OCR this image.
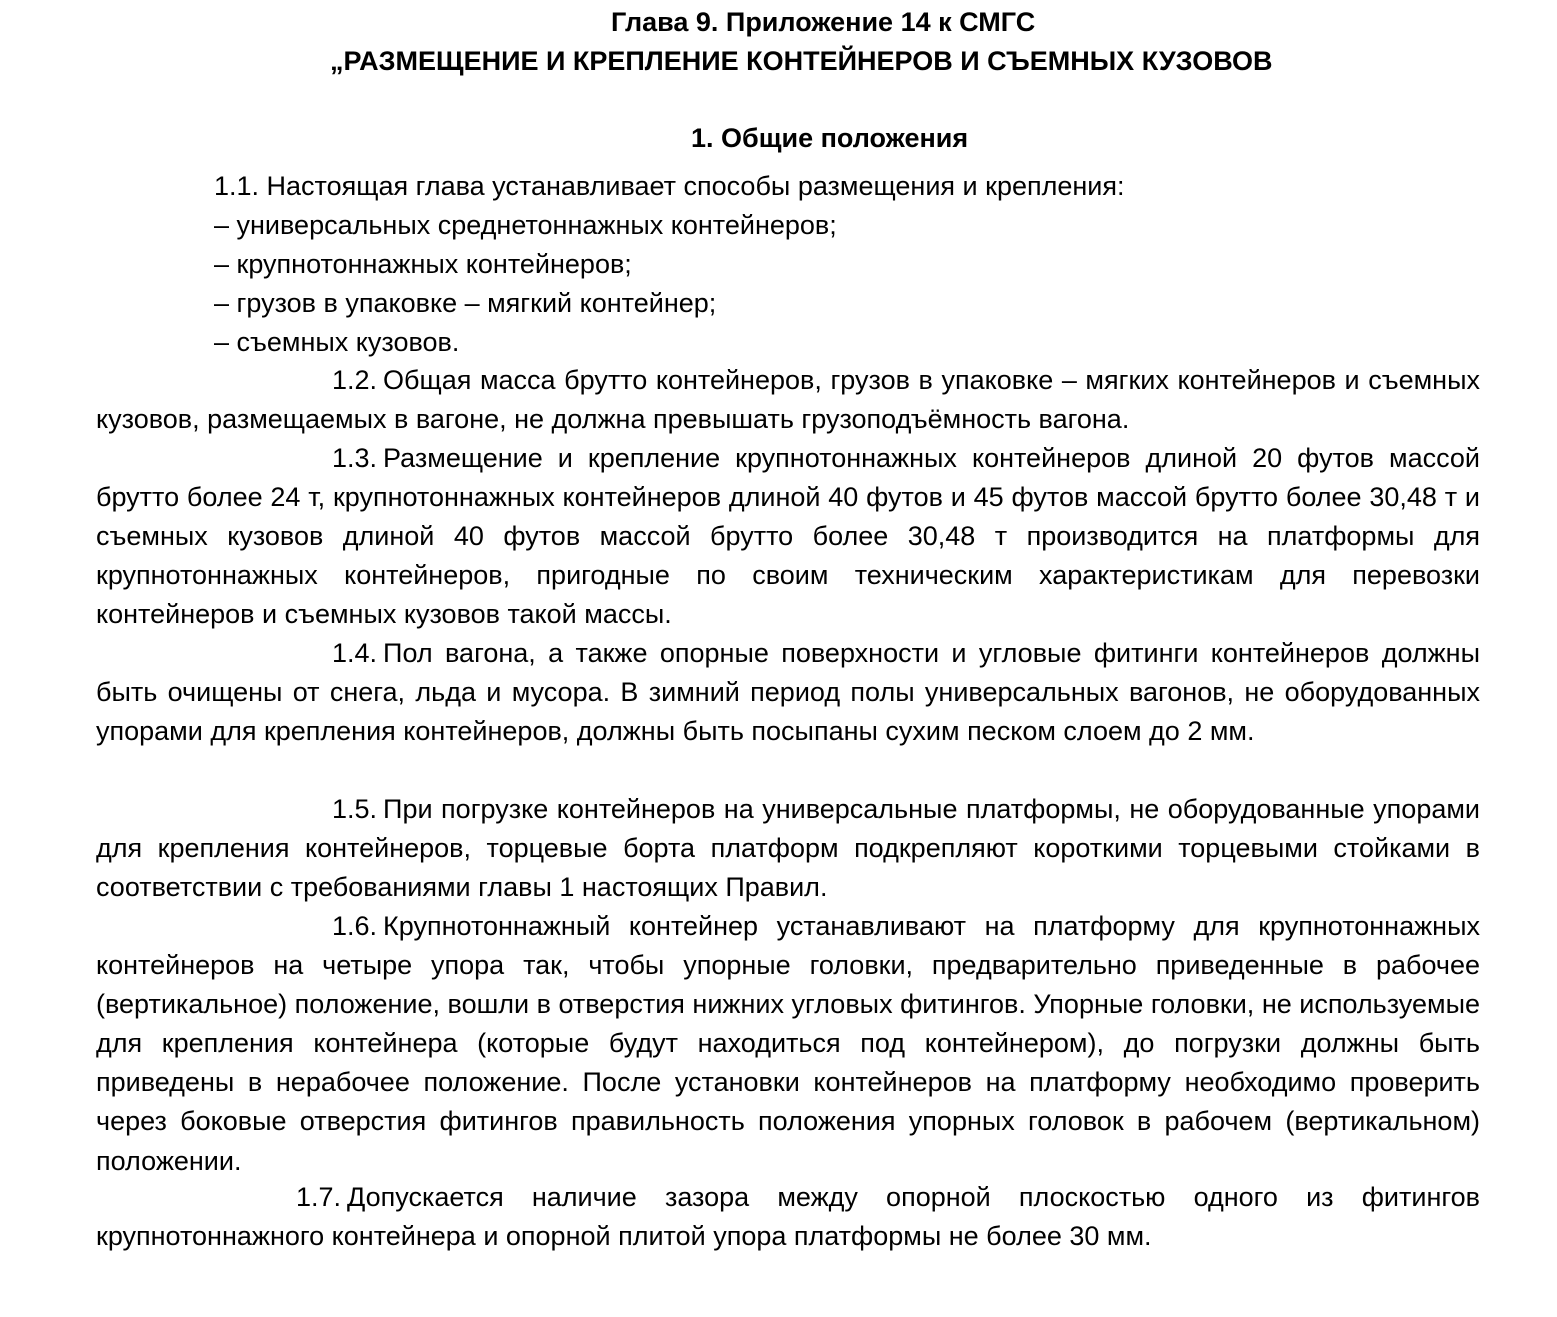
Глава 9. Приложение 14 к СМГС
„РАЗМЕЩЕНИЕ И КРЕПЛЕНИЕ КОНТЕЙНЕРОВ И СЪЕМНЫХ КУЗОВОВ
1. Общие положения
1.1. Настоящая глава устанавливает способы размещения и крепления:
– универсальных среднетоннажных контейнеров;
– крупнотоннажных контейнеров;
– грузов в упаковке – мягкий контейнер;
– съемных кузовов.

1.2. Общая масса брутто контейнеров, грузов в упаковке – мягких контейнеров и съемных кузовов, размещаемых в вагоне, не должна превышать грузоподъёмность вагона.

1.3. Размещение и крепление крупнотоннажных контейнеров длиной 20 футов массой брутто более 24 т, крупнотоннажных контейнеров длиной 40 футов и 45 футов массой брутто более 30,48 т и съемных кузовов длиной 40 футов массой брутто более 30,48 т производится на платформы для крупнотоннажных контейнеров, пригодные по своим техническим характеристикам для перевозки контейнеров и съемных кузовов такой массы.

1.4. Пол вагона, а также опорные поверхности и угловые фитинги контейнеров должны быть очищены от снега, льда и мусора. В зимний период полы универсальных вагонов, не оборудованных упорами для крепления контейнеров, должны быть посыпаны сухим песком слоем до 2 мм.

1.5. При погрузке контейнеров на универсальные платформы, не оборудованные упорами для крепления контейнеров, торцевые борта платформ подкрепляют короткими торцевыми стойками в соответствии с требованиями главы 1 настоящих Правил.

1.6. Крупнотоннажный контейнер устанавливают на платформу для крупнотоннажных контейнеров на четыре упора так, чтобы упорные головки, предварительно приведенные в рабочее (вертикальное) положение, вошли в отверстия нижних угловых фитингов. Упорные головки, не используемые для крепления контейнера (которые будут находиться под контейнером), до погрузки должны быть приведены в нерабочее положение. После установки контейнеров на платформу необходимо проверить через боковые отверстия фитингов правильность положения упорных головок в рабочем (вертикальном) положении.

1.7. Допускается наличие зазора между опорной плоскостью одного из фитингов крупнотоннажного контейнера и опорной плитой упора платформы не более 30 мм.
